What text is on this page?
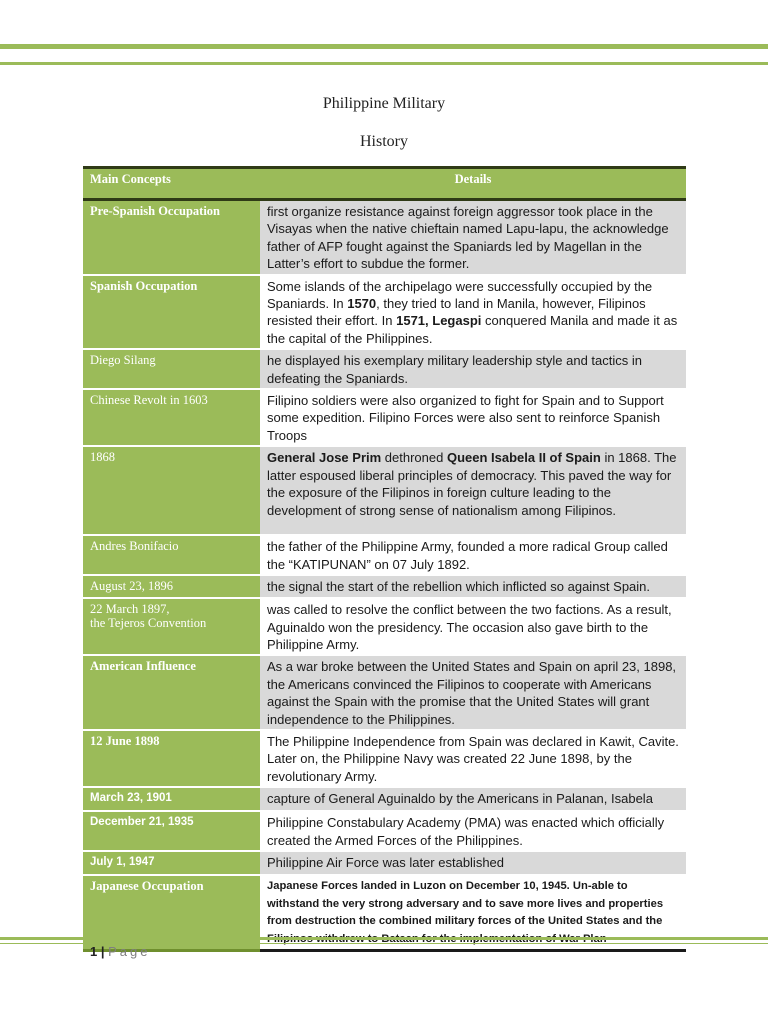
Philippine Military
History
Main Concepts	Details
Pre-Spanish Occupation	first organize resistance against foreign aggressor took place in the Visayas when the native chieftain named Lapu-lapu, the acknowledge father of AFP fought against the Spaniards led by Magellan in the Latter’s effort to subdue the former.
Spanish Occupation	Some islands of the archipelago were successfully occupied by the Spaniards. In 1570, they tried to land in Manila, however, Filipinos resisted their effort. In 1571, Legaspi conquered Manila and made it as the capital of the Philippines.
Diego Silang	he displayed his exemplary military leadership style and tactics in defeating the Spaniards.
Chinese Revolt in 1603	Filipino soldiers were also organized to fight for Spain and to Support some expedition. Filipino Forces were also sent to reinforce Spanish Troops
1868	General Jose Prim dethroned Queen Isabela II of Spain in 1868. The latter espoused liberal principles of democracy. This paved the way for the exposure of the Filipinos in foreign culture leading to the development of strong sense of nationalism among Filipinos.
Andres Bonifacio	the father of the Philippine Army, founded a more radical Group called the “KATIPUNAN” on 07 July 1892.
August 23, 1896	the signal the start of the rebellion which inflicted so against Spain.
22 March 1897,
the Tejeros Convention	was called to resolve the conflict between the two factions. As a result, Aguinaldo won the presidency. The occasion also gave birth to the Philippine Army.
American Influence	As a war broke between the United States and Spain on april 23, 1898, the Americans convinced the Filipinos to cooperate with Americans against the Spain with the promise that the United States will grant independence to the Philippines.
12 June 1898	The Philippine Independence from Spain was declared in Kawit, Cavite. Later on, the Philippine Navy was created 22 June 1898, by the revolutionary Army.
March 23, 1901	capture of General Aguinaldo by the Americans in Palanan, Isabela
December 21, 1935	Philippine Constabulary Academy (PMA) was enacted which officially created the Armed Forces of the Philippines.
July 1, 1947	Philippine Air Force was later established
Japanese Occupation	Japanese Forces landed in Luzon on December 10, 1945. Un-able to withstand the very strong adversary and to save more lives and properties from destruction the combined military forces of the United States and the
1 | Page
